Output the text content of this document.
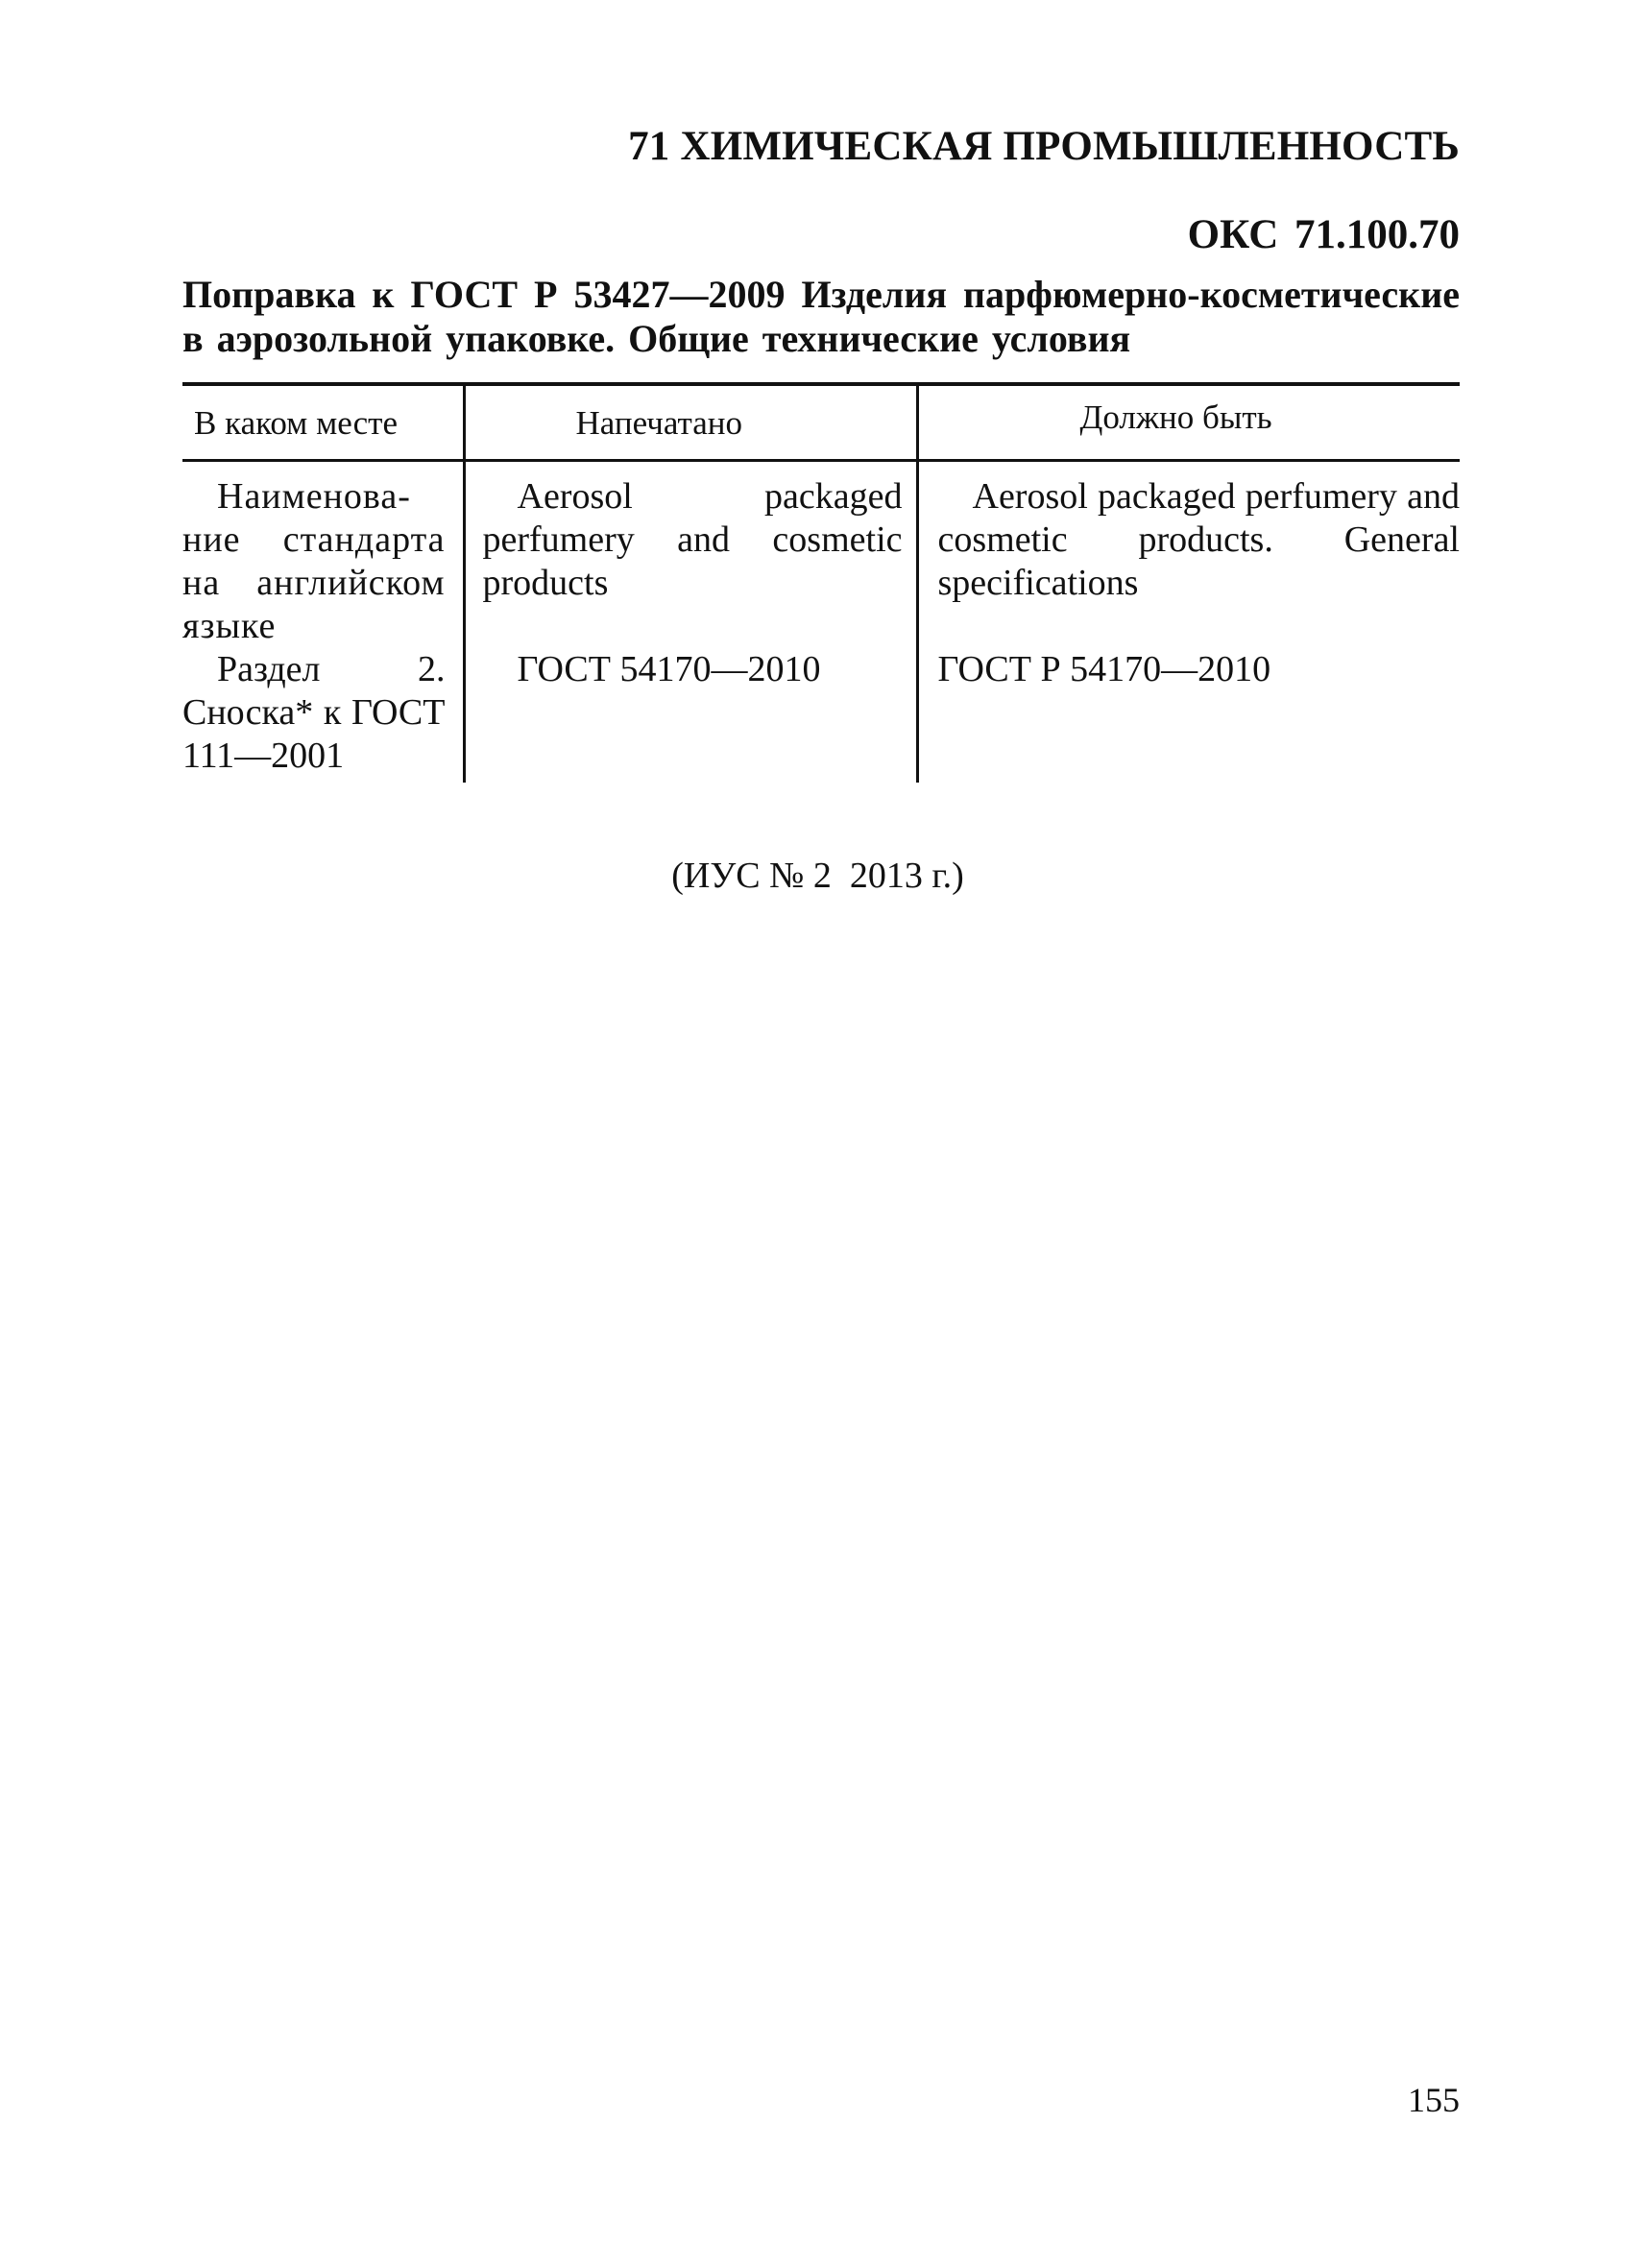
71 ХИМИЧЕСКАЯ ПРОМЫШЛЕННОСТЬ
ОКС 71.100.70
Поправка к ГОСТ Р 53427—2009 Изделия парфюмерно-косметические в аэрозольной упаковке. Общие технические условия
В каком месте	Напечатано	Должно быть

Наименова-ние стандарта на английском языке	Aerosol packaged perfumery and cosmetic products	Aerosol packaged perfumery and cosmetic products. General specifications

Раздел 2. Сноска* к ГОСТ 111—2001	ГОСТ 54170—2010	ГОСТ Р 54170—2010
(ИУС № 2  2013 г.)
155
